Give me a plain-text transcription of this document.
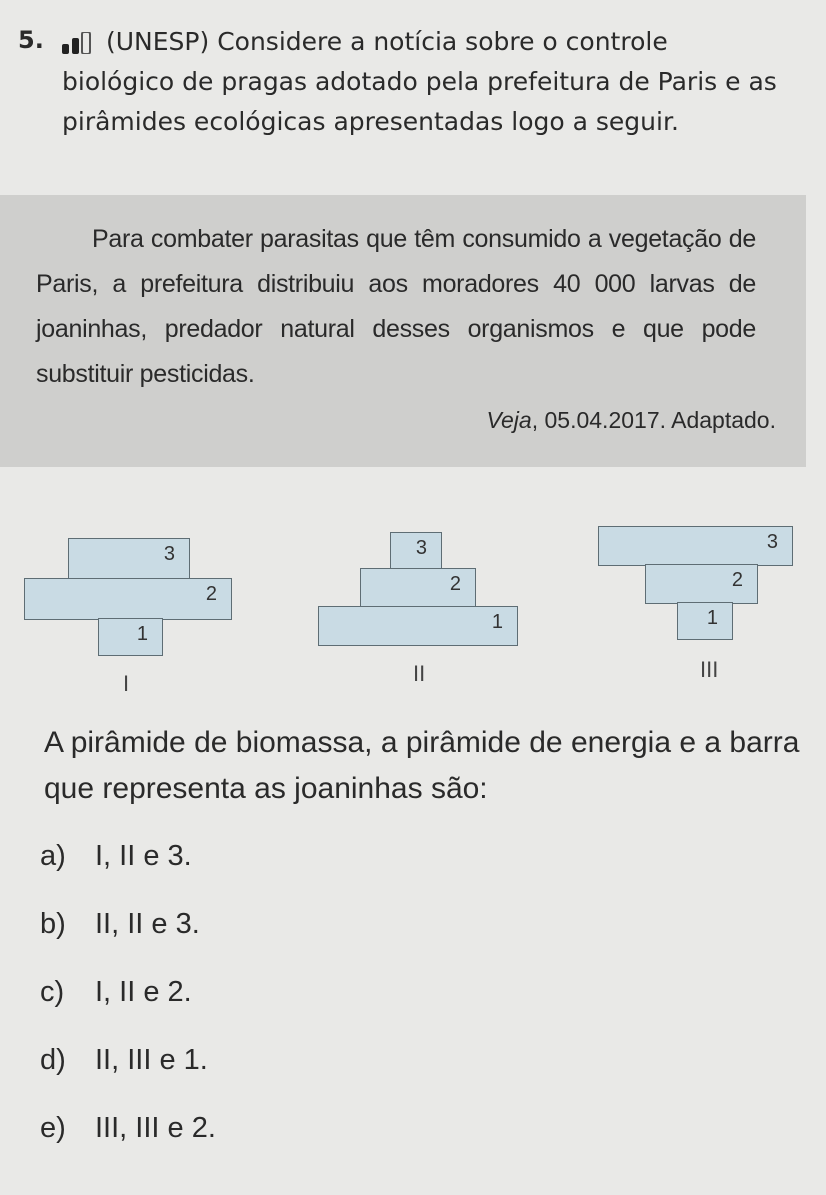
5.	(UNESP) Considere a notícia sobre o controle biológico de pragas adotado pela prefeitura de Paris e as pirâmides ecológicas apresentadas logo a seguir.
Para combater parasitas que têm consumido a vegetação de Paris, a prefeitura distribuiu aos moradores 40 000 larvas de joaninhas, predador natural desses organismos e que pode substituir pesticidas.
Veja, 05.04.2017. Adaptado.
3
2
1
I
3
2
1
II
3
2
1
III
A pirâmide de biomassa, a pirâmide de energia e a barra que representa as joaninhas são:
a) I, II e 3.
b) II, II e 3.
c) I, II e 2.
d) II, III e 1.
e) III, III e 2.
